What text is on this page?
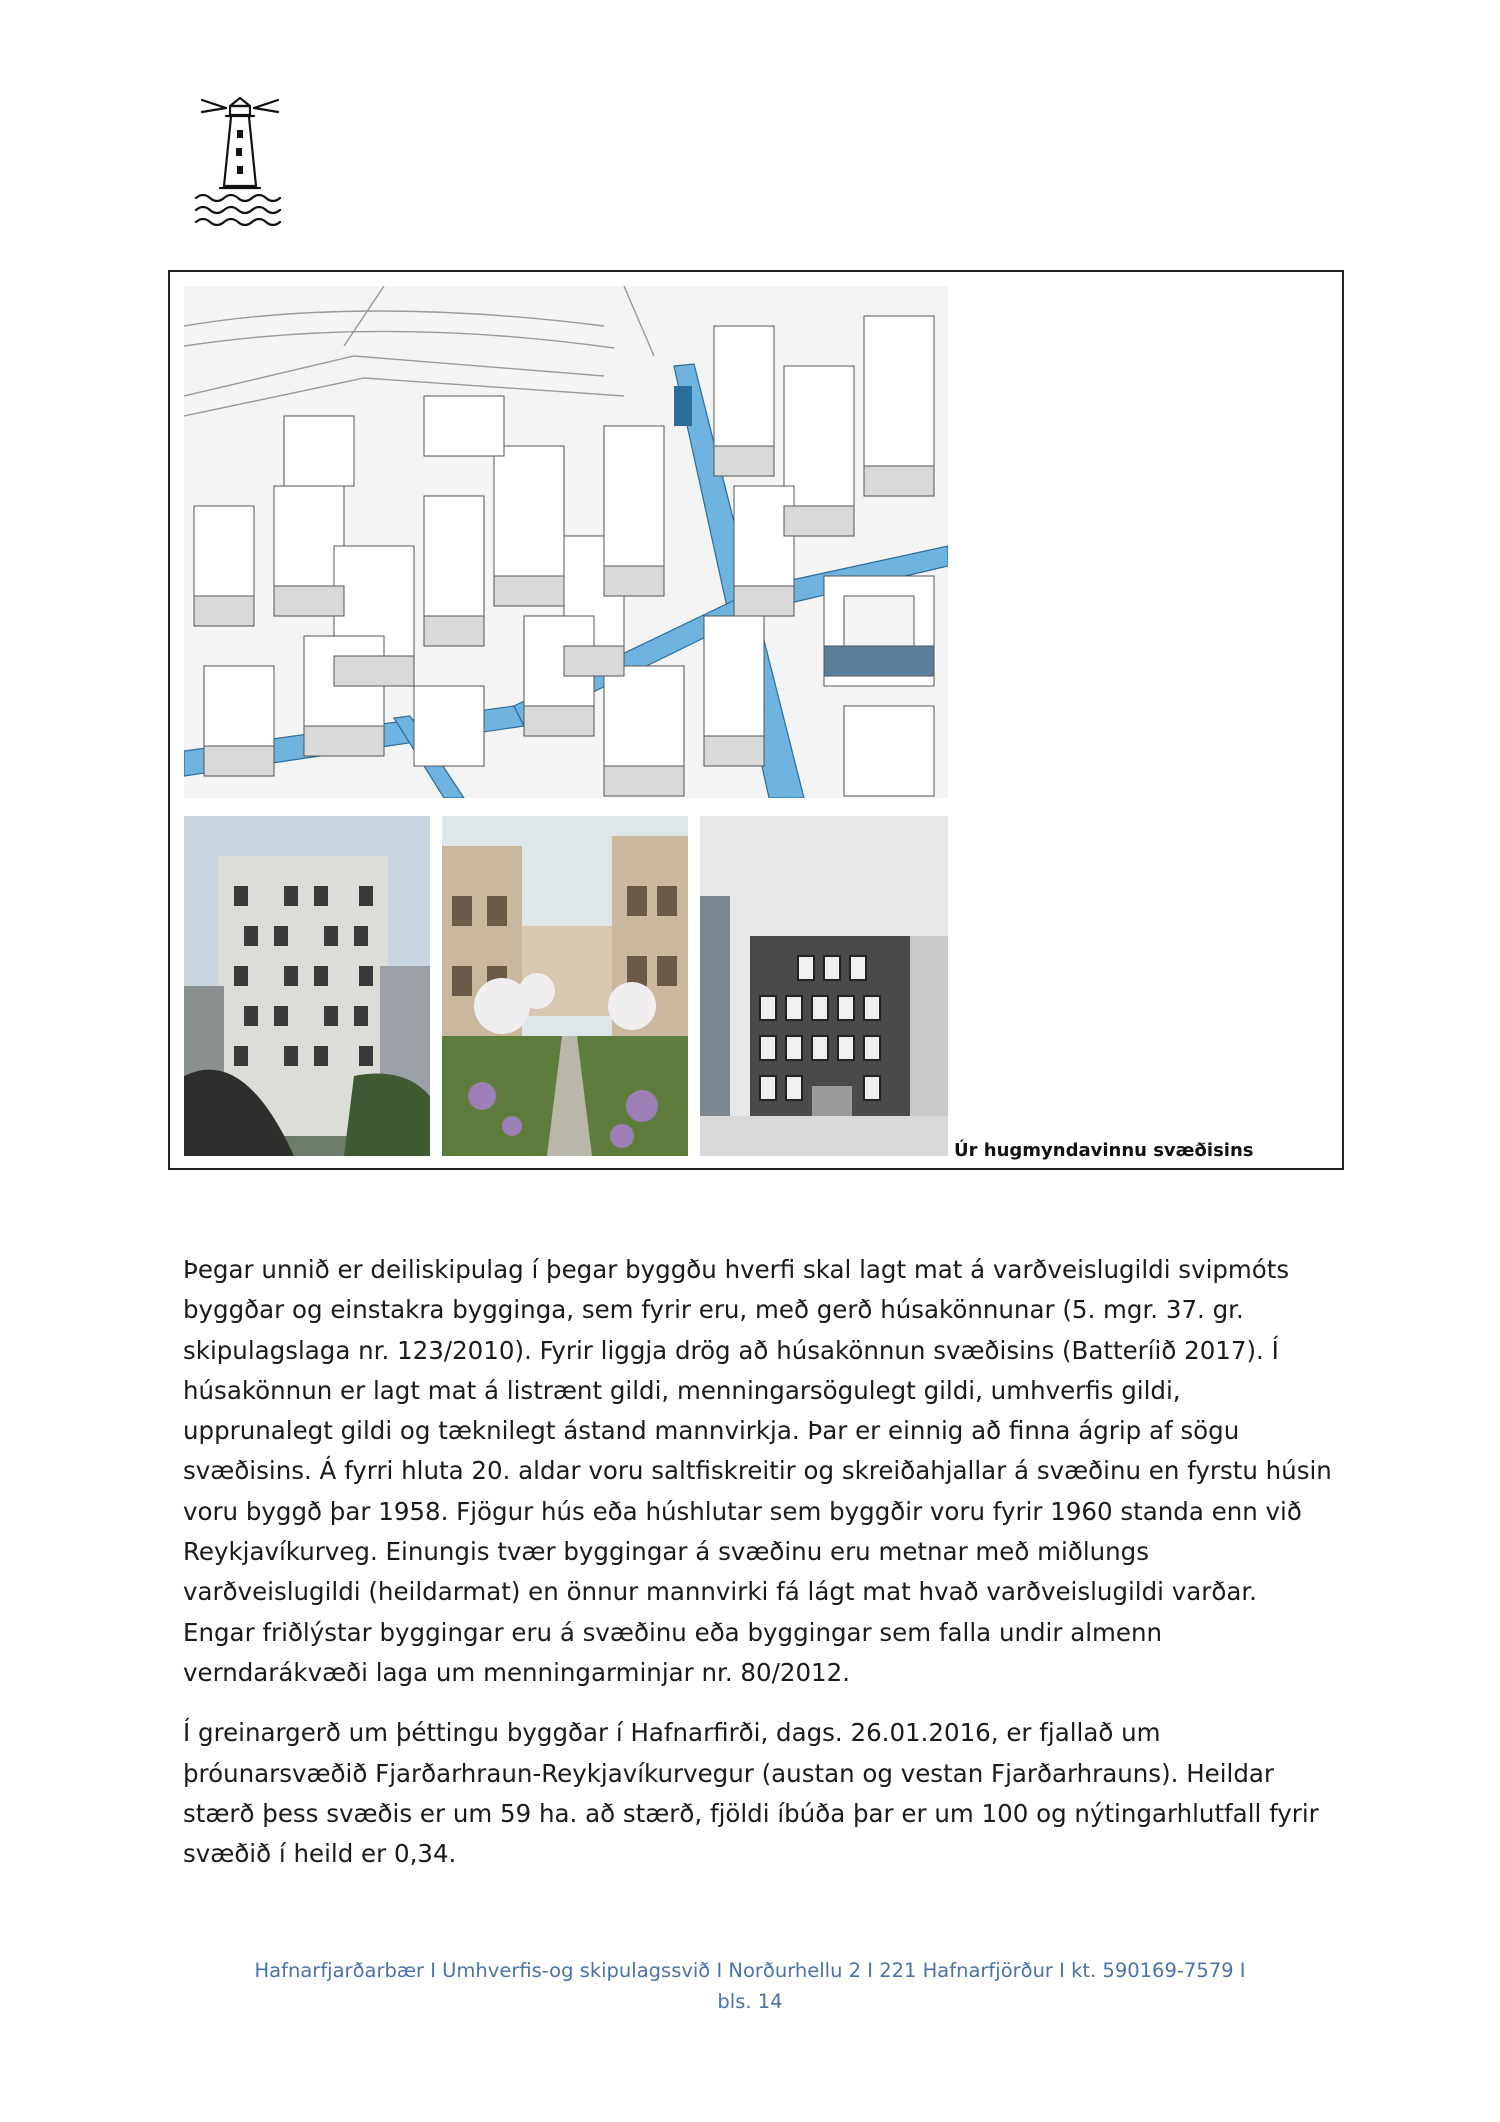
Úr hugmyndavinnu svæðisins

Þegar unnið er deiliskipulag í þegar byggðu hverfi skal lagt mat á varðveislugildi svipmóts byggðar og einstakra bygginga, sem fyrir eru, með gerð húsakönnunar (5. mgr. 37. gr. skipulagslaga nr. 123/2010). Fyrir liggja drög að húsakönnun svæðisins (Batteríið 2017). Í húsakönnun er lagt mat á listrænt gildi, menningarsögulegt gildi, umhverfis gildi, upprunalegt gildi og tæknilegt ástand mannvirkja. Þar er einnig að finna ágrip af sögu svæðisins. Á fyrri hluta 20. aldar voru saltfiskreitir og skreiðahjallar á svæðinu en fyrstu húsin voru byggð þar 1958. Fjögur hús eða húshlutar sem byggðir voru fyrir 1960 standa enn við Reykjavíkurveg. Einungis tvær byggingar á svæðinu eru metnar með miðlungs varðveislugildi (heildarmat) en önnur mannvirki fá lágt mat hvað varðveislugildi varðar. Engar friðlýstar byggingar eru á svæðinu eða byggingar sem falla undir almenn verndarákvæði laga um menningarminjar nr. 80/2012.

Í greinargerð um þéttingu byggðar í Hafnarfirði, dags. 26.01.2016, er fjallað um þróunarsvæðið Fjarðarhraun-Reykjavíkurvegur (austan og vestan Fjarðarhrauns). Heildar stærð þess svæðis er um 59 ha. að stærð, fjöldi íbúða þar er um 100 og nýtingarhlutfall fyrir svæðið í heild er 0,34.

Hafnarfjarðarbær I Umhverfis-og skipulagssvið I Norðurhellu 2 I 221 Hafnarfjörður I kt. 590169-7579 I
bls. 14
